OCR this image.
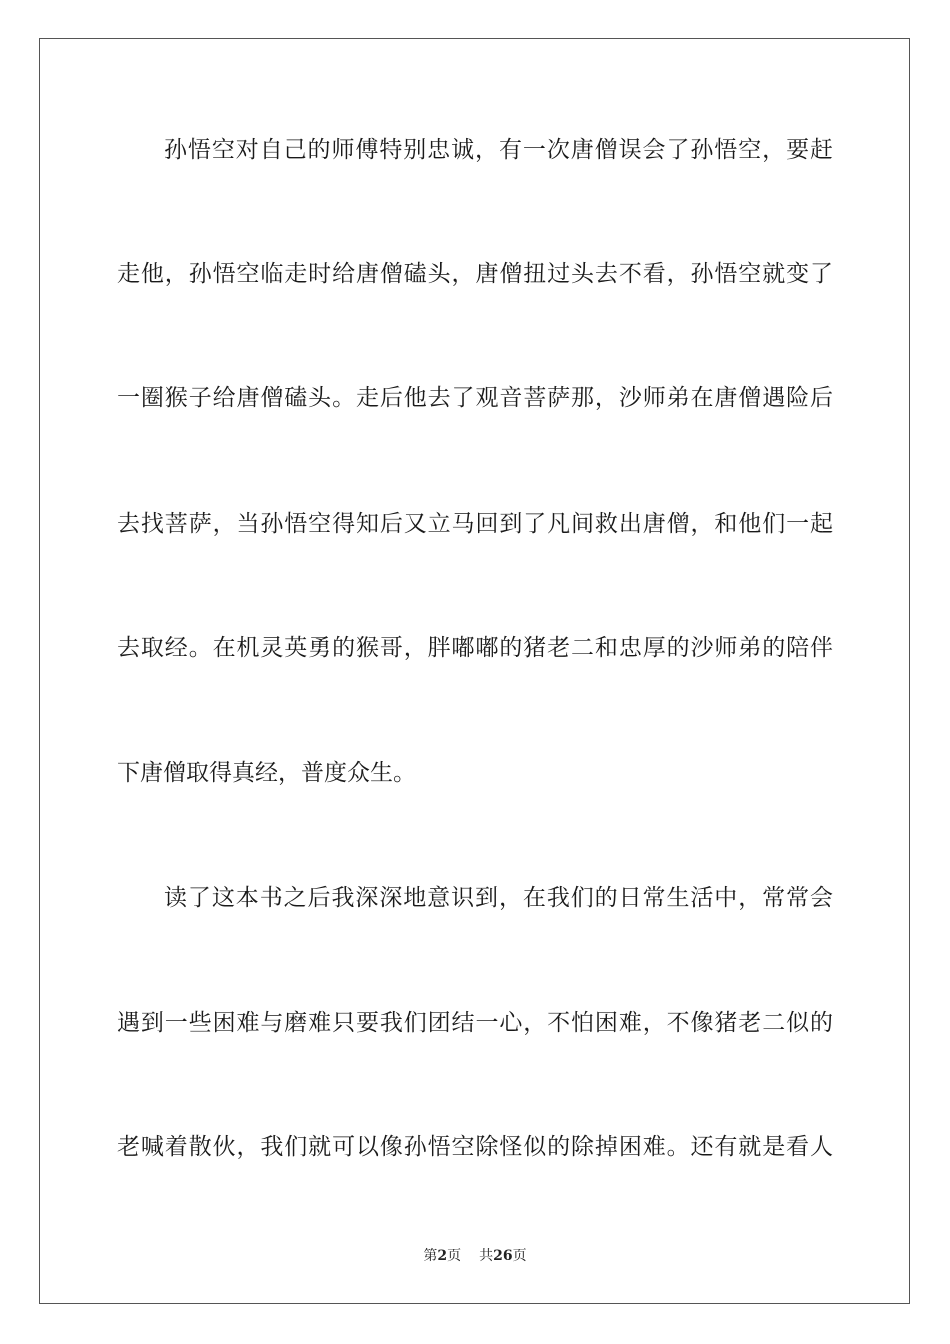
孙悟空对自己的师傅特别忠诚，有一次唐僧误会了孙悟空，要赶
走他，孙悟空临走时给唐僧磕头，唐僧扭过头去不看，孙悟空就变了
一圈猴子给唐僧磕头。走后他去了观音菩萨那，沙师弟在唐僧遇险后
去找菩萨，当孙悟空得知后又立马回到了凡间救出唐僧，和他们一起
去取经。在机灵英勇的猴哥，胖嘟嘟的猪老二和忠厚的沙师弟的陪伴
下唐僧取得真经，普度众生。
读了这本书之后我深深地意识到，在我们的日常生活中，常常会
遇到一些困难与磨难只要我们团结一心，不怕困难，不像猪老二似的
老喊着散伙，我们就可以像孙悟空除怪似的除掉困难。还有就是看人
第2页 共26页
